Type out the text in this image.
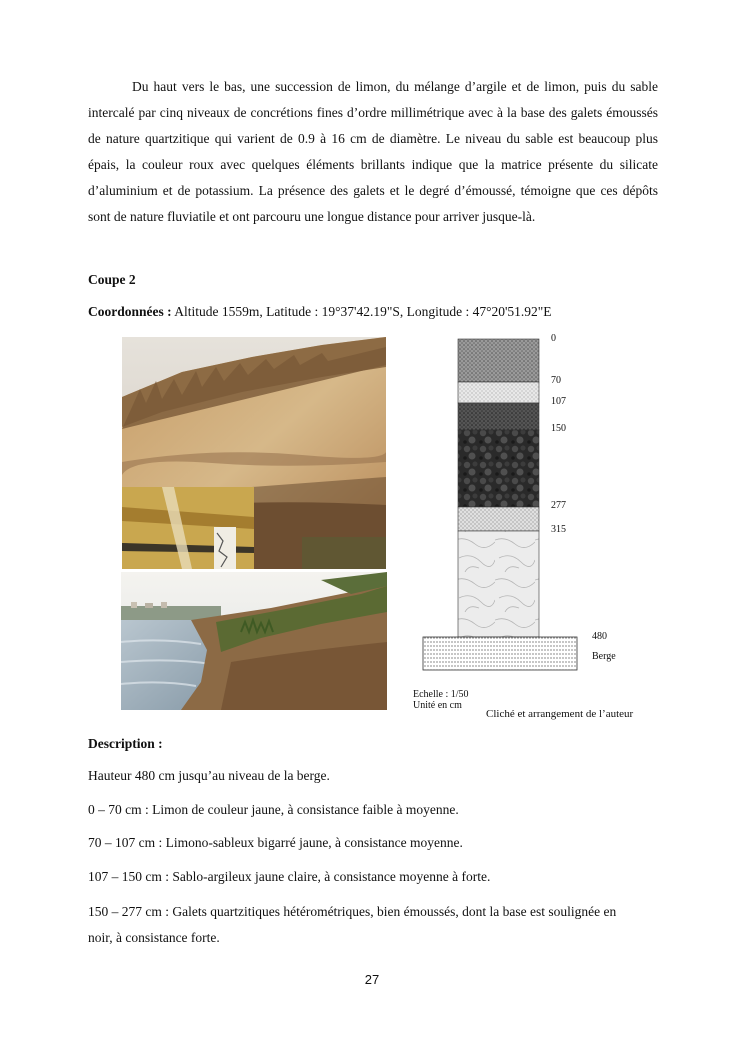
Du haut vers le bas, une succession de limon, du mélange d’argile et de limon, puis du sable intercalé par cinq niveaux de concrétions fines d’ordre millimétrique avec à la base des galets émoussés de nature quartzitique qui varient de 0.9 à 16 cm de diamètre. Le niveau du sable est beaucoup plus épais, la couleur roux avec quelques éléments brillants indique que la matrice présente du silicate d’aluminium et de potassium. La présence des galets et le degré d’émoussé, témoigne que ces dépôts sont de nature fluviatile et ont parcouru une longue distance pour arriver jusque-là.

Coupe 2

Coordonnées : Altitude 1559m, Latitude : 19°37'42.19"S, Longitude : 47°20'51.92"E

0
70
107
150
277
315
480
Berge
Echelle : 1/50
Unité en cm
Cliché et arrangement de l’auteur

Description :

Hauteur 480 cm jusqu’au niveau de la berge.

0 – 70 cm : Limon de couleur jaune, à consistance faible à moyenne.

70 – 107 cm : Limono-sableux bigarré jaune, à consistance moyenne.

107 – 150 cm : Sablo-argileux jaune claire, à consistance moyenne à forte.

150 – 277 cm : Galets quartzitiques hétérométriques, bien émoussés, dont la base est soulignée en noir, à consistance forte.

27
